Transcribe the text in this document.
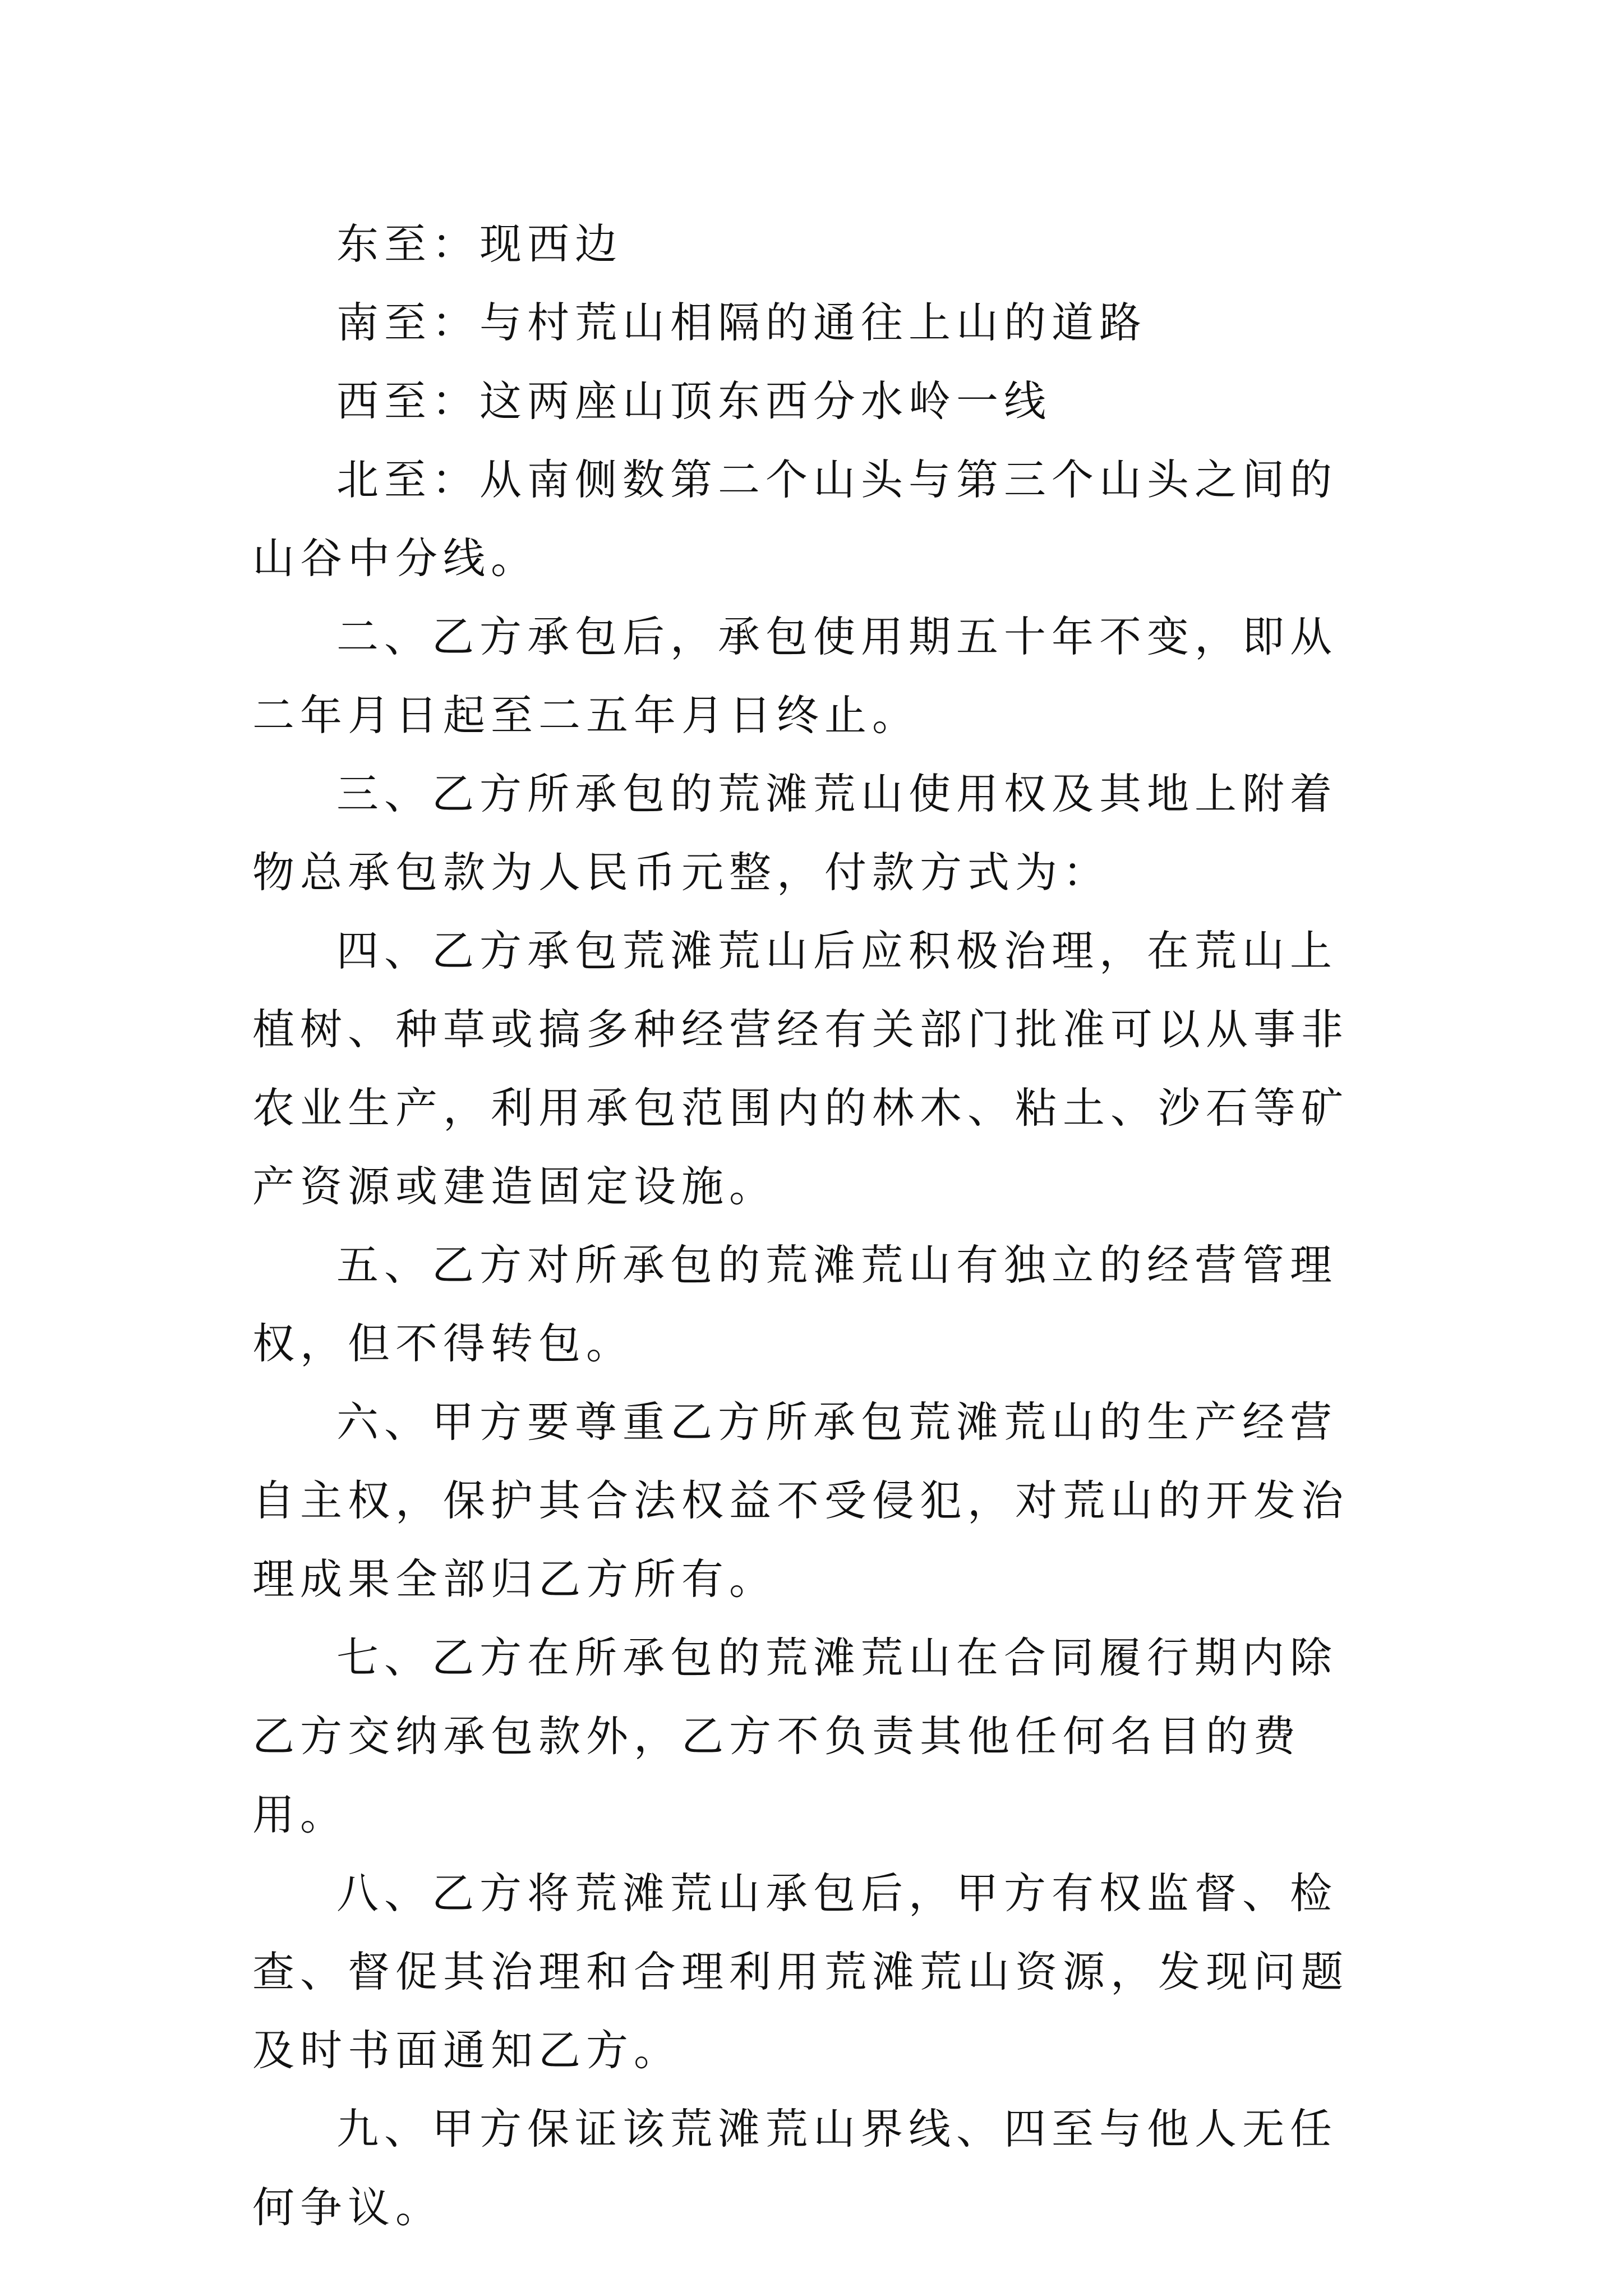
东至：现西边

南至：与村荒山相隔的通往上山的道路

西至：这两座山顶东西分水岭一线

北至：从南侧数第二个山头与第三个山头之间的山谷中分线。

二、乙方承包后，承包使用期五十年不变，即从二年月日起至二五年月日终止。

三、乙方所承包的荒滩荒山使用权及其地上附着物总承包款为人民币元整，付款方式为：

四、乙方承包荒滩荒山后应积极治理，在荒山上植树、种草或搞多种经营经有关部门批准可以从事非农业生产，利用承包范围内的林木、粘土、沙石等矿产资源或建造固定设施。

五、乙方对所承包的荒滩荒山有独立的经营管理权，但不得转包。

六、甲方要尊重乙方所承包荒滩荒山的生产经营自主权，保护其合法权益不受侵犯，对荒山的开发治理成果全部归乙方所有。

七、乙方在所承包的荒滩荒山在合同履行期内除乙方交纳承包款外，乙方不负责其他任何名目的费用。

八、乙方将荒滩荒山承包后，甲方有权监督、检查、督促其治理和合理利用荒滩荒山资源，发现问题及时书面通知乙方。

九、甲方保证该荒滩荒山界线、四至与他人无任何争议。
